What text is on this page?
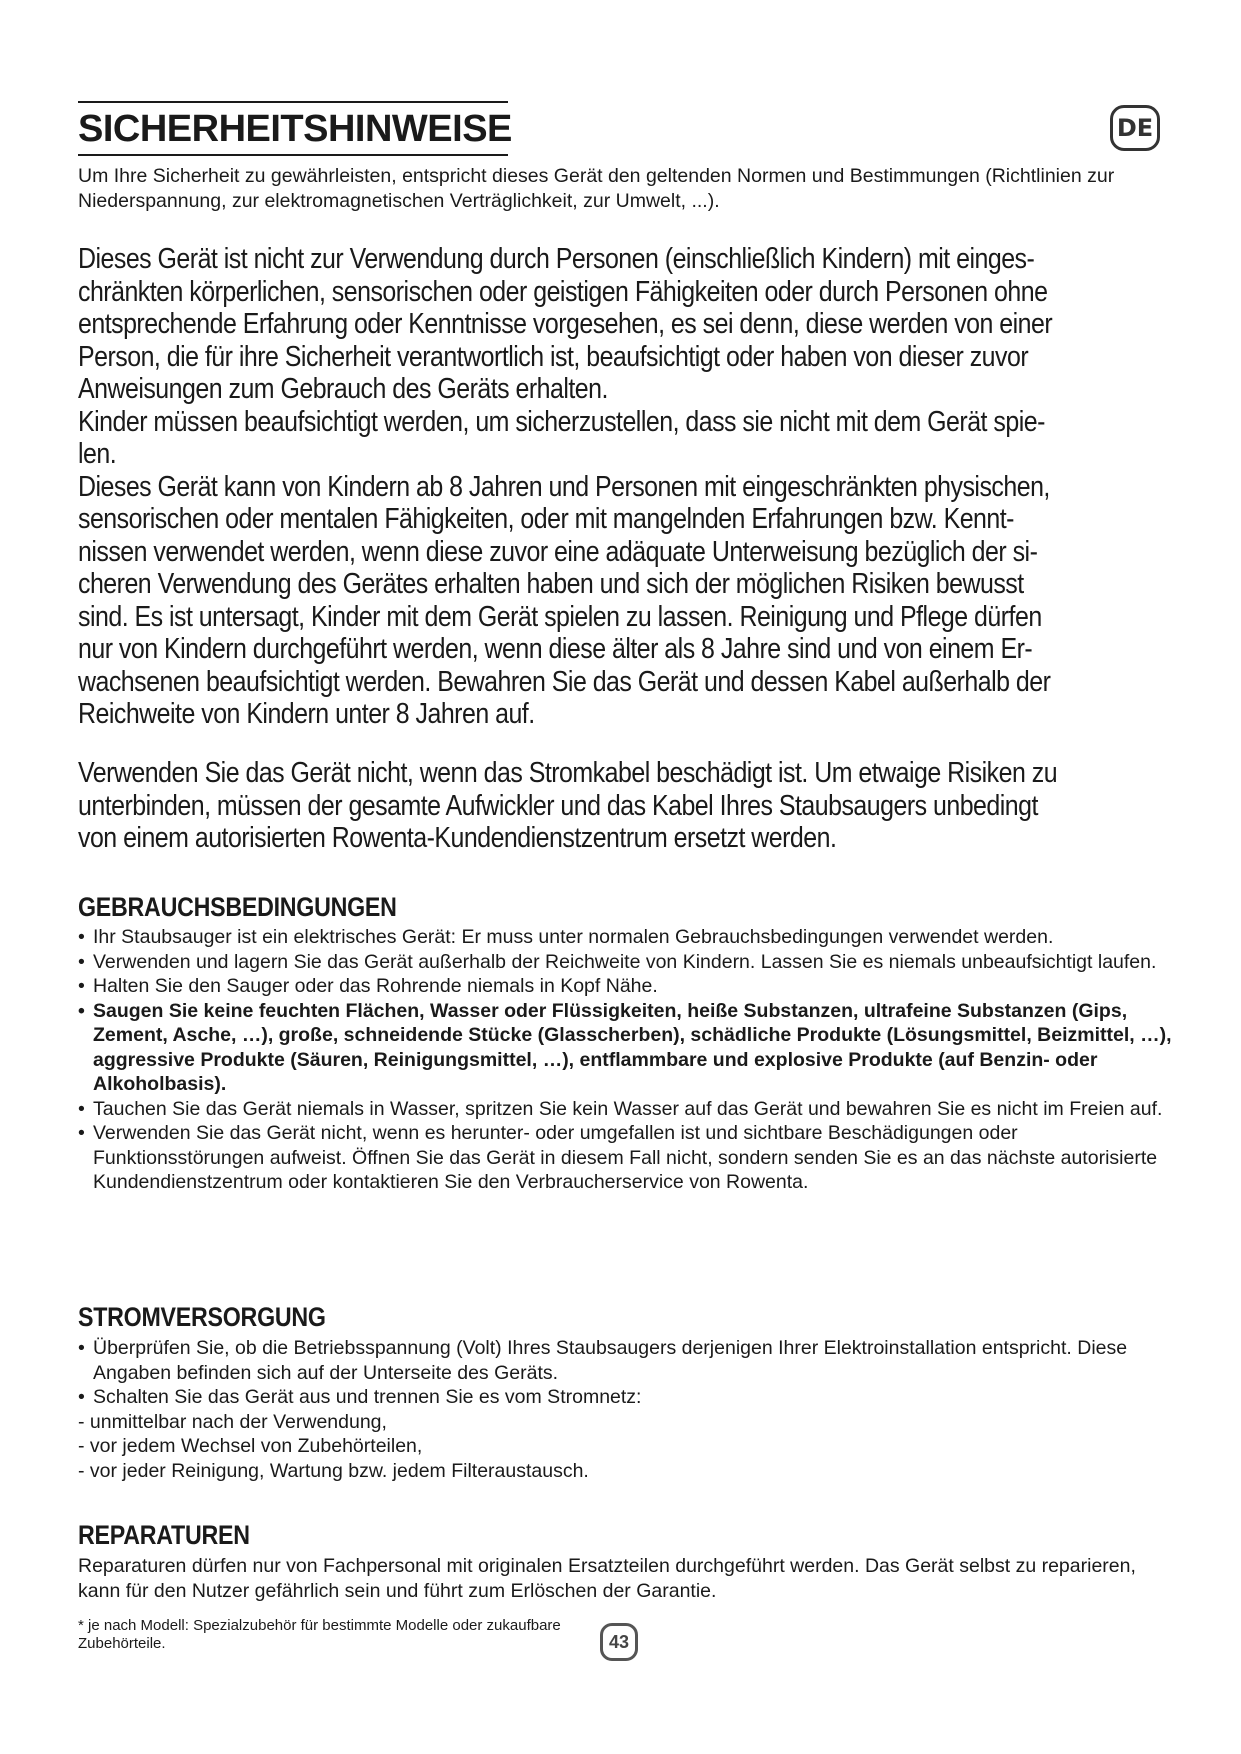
SICHERHEITSHINWEISE	DE

Um Ihre Sicherheit zu gewährleisten, entspricht dieses Gerät den geltenden Normen und Bestimmungen (Richtlinien zur Niederspannung, zur elektromagnetischen Verträglichkeit, zur Umwelt, ...).

Dieses Gerät ist nicht zur Verwendung durch Personen (einschließlich Kindern) mit einges-
chränkten körperlichen, sensorischen oder geistigen Fähigkeiten oder durch Personen ohne
entsprechende Erfahrung oder Kenntnisse vorgesehen, es sei denn, diese werden von einer
Person, die für ihre Sicherheit verantwortlich ist, beaufsichtigt oder haben von dieser zuvor
Anweisungen zum Gebrauch des Geräts erhalten.
Kinder müssen beaufsichtigt werden, um sicherzustellen, dass sie nicht mit dem Gerät spie-
len.
Dieses Gerät kann von Kindern ab 8 Jahren und Personen mit eingeschränkten physischen,
sensorischen oder mentalen Fähigkeiten, oder mit mangelnden Erfahrungen bzw. Kennt-
nissen verwendet werden, wenn diese zuvor eine adäquate Unterweisung bezüglich der si-
cheren Verwendung des Gerätes erhalten haben und sich der möglichen Risiken bewusst
sind. Es ist untersagt, Kinder mit dem Gerät spielen zu lassen. Reinigung und Pflege dürfen
nur von Kindern durchgeführt werden, wenn diese älter als 8 Jahre sind und von einem Er-
wachsenen beaufsichtigt werden. Bewahren Sie das Gerät und dessen Kabel außerhalb der
Reichweite von Kindern unter 8 Jahren auf.
Verwenden Sie das Gerät nicht, wenn das Stromkabel beschädigt ist. Um etwaige Risiken zu
unterbinden, müssen der gesamte Aufwickler und das Kabel Ihres Staubsaugers unbedingt
von einem autorisierten Rowenta-Kundendienstzentrum ersetzt werden.
GEBRAUCHSBEDINGUNGEN
• Ihr Staubsauger ist ein elektrisches Gerät: Er muss unter normalen Gebrauchsbedingungen verwendet werden.
• Verwenden und lagern Sie das Gerät außerhalb der Reichweite von Kindern. Lassen Sie es niemals unbeaufsichtigt laufen.
• Halten Sie den Sauger oder das Rohrende niemals in Kopf Nähe.
• Saugen Sie keine feuchten Flächen, Wasser oder Flüssigkeiten, heiße Substanzen, ultrafeine Substanzen (Gips, Zement, Asche, …), große, schneidende Stücke (Glasscherben), schädliche Produkte (Lösungsmittel, Beizmittel, …), aggressive Produkte (Säuren, Reinigungsmittel, …), entflammbare und explosive Produkte (auf Benzin- oder Alkoholbasis).
• Tauchen Sie das Gerät niemals in Wasser, spritzen Sie kein Wasser auf das Gerät und bewahren Sie es nicht im Freien auf.
• Verwenden Sie das Gerät nicht, wenn es herunter- oder umgefallen ist und sichtbare Beschädigungen oder Funktionsstörungen aufweist. Öffnen Sie das Gerät in diesem Fall nicht, sondern senden Sie es an das nächste autorisierte Kundendienstzentrum oder kontaktieren Sie den Verbraucherservice von Rowenta.
STROMVERSORGUNG
• Überprüfen Sie, ob die Betriebsspannung (Volt) Ihres Staubsaugers derjenigen Ihrer Elektroinstallation entspricht. Diese Angaben befinden sich auf der Unterseite des Geräts.
• Schalten Sie das Gerät aus und trennen Sie es vom Stromnetz:
- unmittelbar nach der Verwendung,
- vor jedem Wechsel von Zubehörteilen,
- vor jeder Reinigung, Wartung bzw. jedem Filteraustausch.
REPARATUREN

Reparaturen dürfen nur von Fachpersonal mit originalen Ersatzteilen durchgeführt werden. Das Gerät selbst zu reparieren, kann für den Nutzer gefährlich sein und führt zum Erlöschen der Garantie.

* je nach Modell: Spezialzubehör für bestimmte Modelle oder zukaufbare Zubehörteile.	43
